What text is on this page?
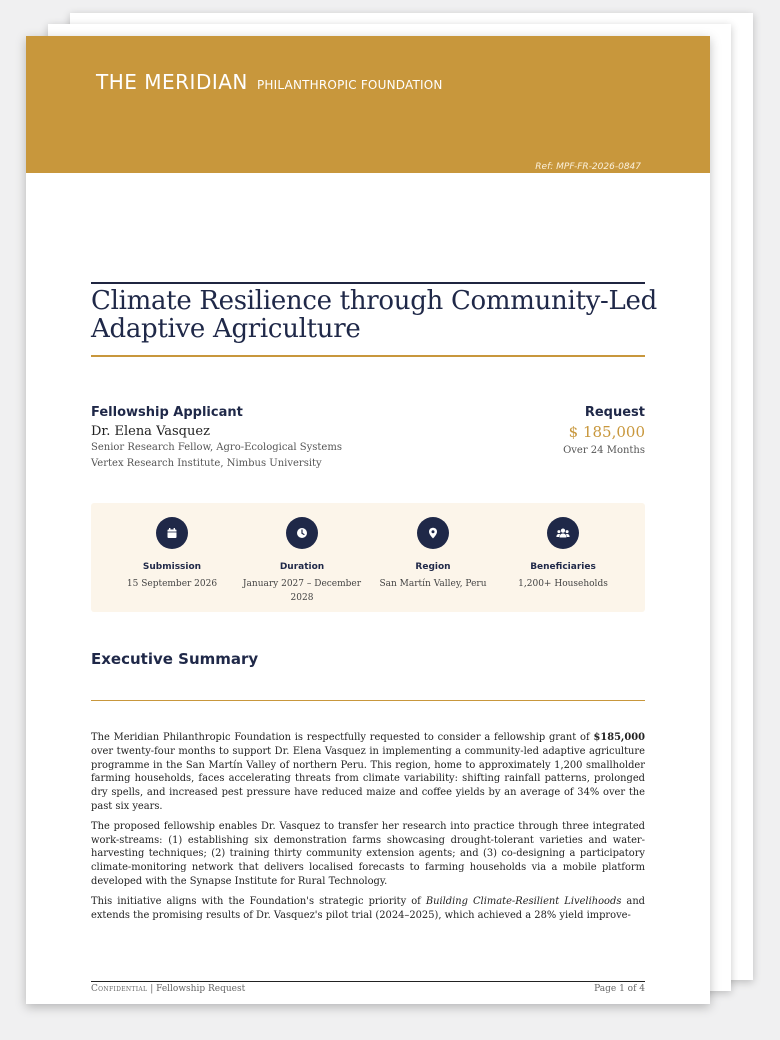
THE MERIDIAN PHILANTHROPIC FOUNDATION
Ref: MPF-FR-2026-0847
Climate Resilience through Community-Led
Adaptive Agriculture
Fellowship Applicant
Dr. Elena Vasquez
Senior Research Fellow, Agro-Ecological Systems
Vertex Research Institute, Nimbus University
Request
$ 185,000
Over 24 Months
Submission
15 September 2026
Duration
January 2027 – December 2028
Region
San Martín Valley, Peru
Beneficiaries
1,200+ Households
Executive Summary

The Meridian Philanthropic Foundation is respectfully requested to consider a fellowship grant of $185,000 over twenty-four months to support Dr. Elena Vasquez in implementing a community-led adaptive agriculture programme in the San Martín Valley of northern Peru. This region, home to approximately 1,200 smallholder farming households, faces accelerating threats from climate variability: shifting rainfall patterns, prolonged dry spells, and increased pest pressure have reduced maize and coffee yields by an average of 34% over the past six years.

The proposed fellowship enables Dr. Vasquez to transfer her research into practice through three integrated work-streams: (1) establishing six demonstration farms showcasing drought-tolerant varieties and water-harvesting techniques; (2) training thirty community extension agents; and (3) co-designing a participatory climate-monitoring network that delivers localised forecasts to farming households via a mobile platform developed with the Synapse Institute for Rural Technology.

This initiative aligns with the Foundation's strategic priority of Building Climate-Resilient Livelihoods and extends the promising results of Dr. Vasquez's pilot trial (2024–2025), which achieved a 28% yield improve-

Confidential | Fellowship Request	Page 1 of 4
